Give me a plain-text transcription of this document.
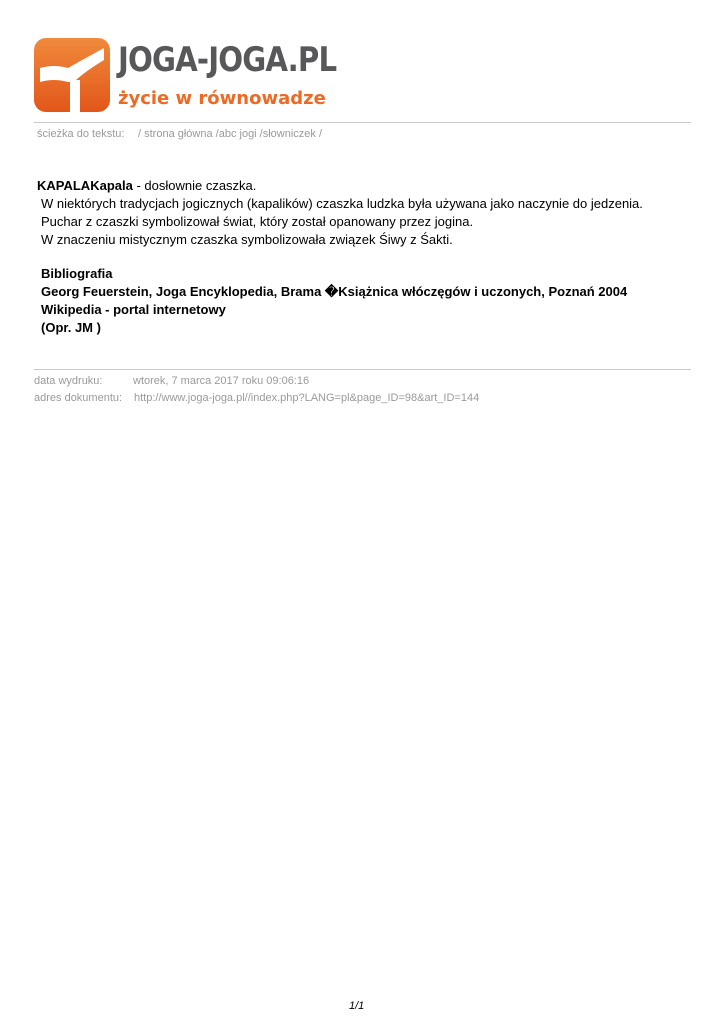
JOGA-JOGA.PL
życie w równowadze
ścieżka do tekstu: / strona główna /abc jogi /słowniczek /
KAPALAKapala - dosłownie czaszka.
W niektórych tradycjach jogicznych (kapalików) czaszka ludzka była używana jako naczynie do jedzenia.
Puchar z czaszki symbolizował świat, który został opanowany przez jogina.
W znaczeniu mistycznym czaszka symbolizowała związek Śiwy z Śakti.
Bibliografia
Georg Feuerstein, Joga Encyklopedia, Brama �Książnica włóczęgów i uczonych, Poznań 2004
Wikipedia - portal internetowy
(Opr. JM )
data wydruku:	wtorek, 7 marca 2017 roku 09:06:16
adres dokumentu: http://www.joga-joga.pl//index.php?LANG=pl&page_ID=98&art_ID=144
1/1
